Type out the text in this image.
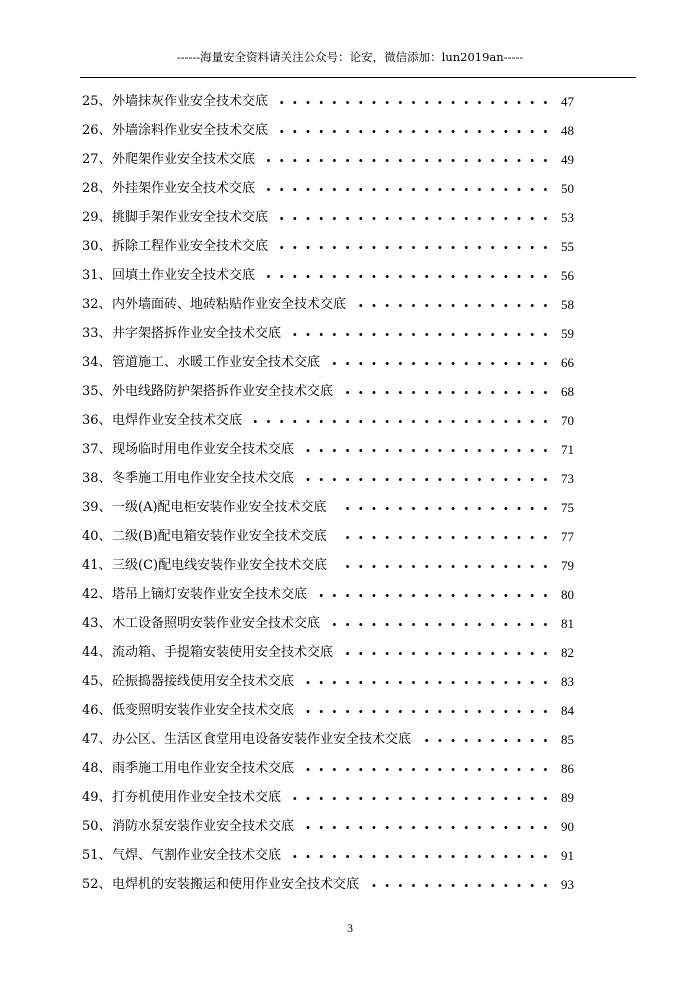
------海量安全资料请关注公众号：论安，微信添加：lun2019an-----
25、 外墙抹灰作业安全技术交底	47
26、 外墙涂料作业安全技术交底	48
27、 外爬架作业安全技术交底	49
28、 外挂架作业安全技术交底	50
29、 挑脚手架作业安全技术交底	53
30、 拆除工程作业安全技术交底	55
31、 回填土作业安全技术交底	56
32、 内外墙面砖、地砖粘贴作业安全技术交底	58
33、 井字架搭拆作业安全技术交底	59
34、 管道施工、水暖工作业安全技术交底	66
35、 外电线路防护架搭拆作业安全技术交底	68
36、 电焊作业安全技术交底	70
37、 现场临时用电作业安全技术交底	71
38、 冬季施工用电作业安全技术交底	73
39、 一级(A)配电柜安装作业安全技术交底	75
40、 二级(B)配电箱安装作业安全技术交底	77
41、 三级(C)配电线安装作业安全技术交底	79
42、 塔吊上镝灯安装作业安全技术交底	80
43、 木工设备照明安装作业安全技术交底	81
44、 流动箱、手提箱安装使用安全技术交底	82
45、 砼振捣器接线使用安全技术交底	83
46、 低变照明安装作业安全技术交底	84
47、 办公区、生活区食堂用电设备安装作业安全技术交底	85
48、 雨季施工用电作业安全技术交底	86
49、 打夯机使用作业安全技术交底	89
50、 消防水泵安装作业安全技术交底	90
51、 气焊、气割作业安全技术交底	91
52、 电焊机的安装搬运和使用作业安全技术交底	93
3
